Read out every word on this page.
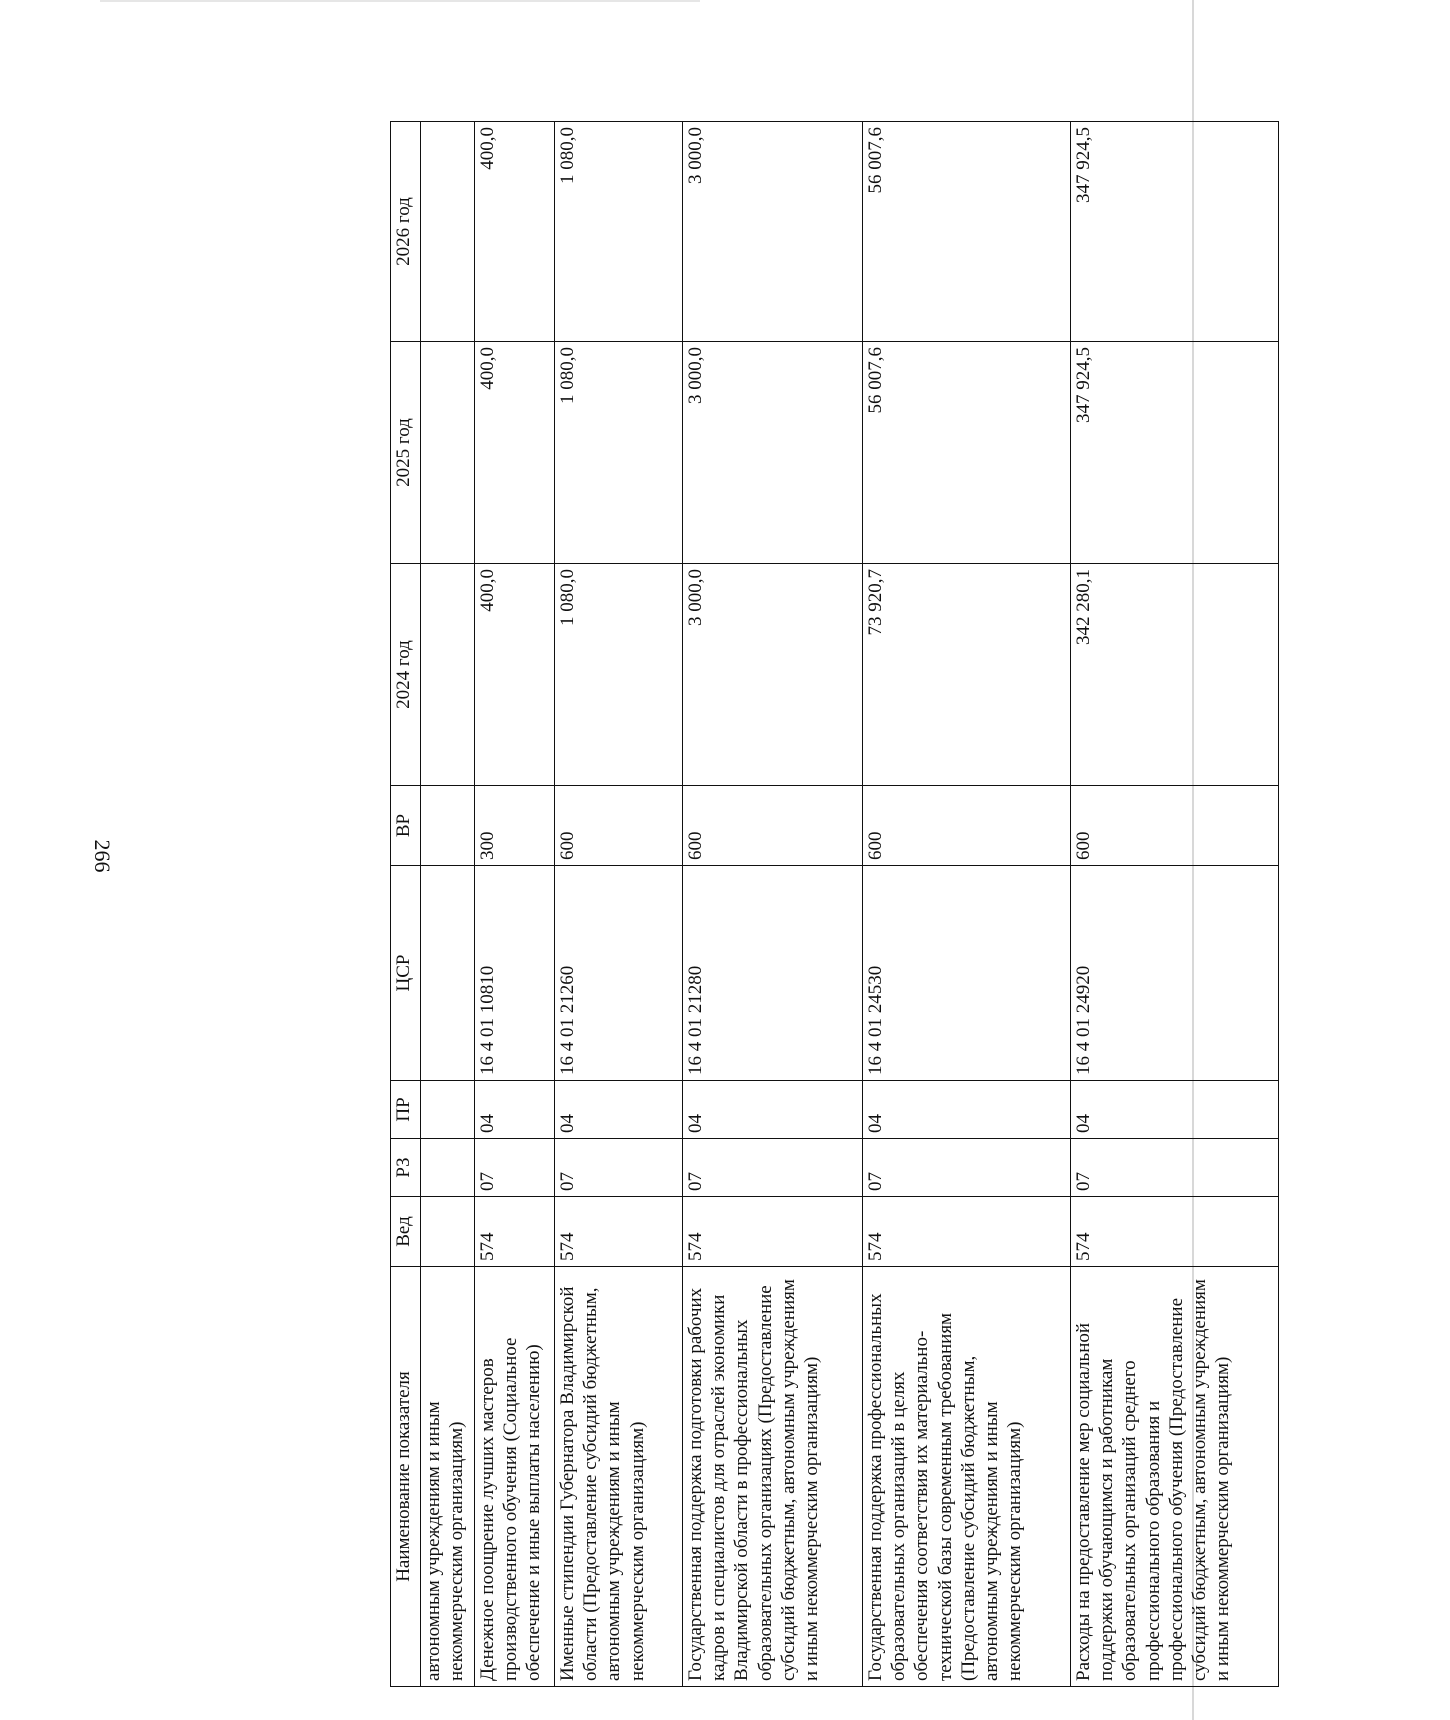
266
Наименование показателя	Вед	РЗ	ПР	ЦСР	ВР	2024 год	2025 год	2026 год
автономным учреждениям и иным некоммерческим организациям)								
Денежное поощрение лучших мастеров производственного обучения (Социальное обеспечение и иные выплаты населению)	574	07	04	16 4 01 10810	300	400,0	400,0	400,0
Именные стипендии Губернатора Владимирской области (Предоставление субсидий бюджетным, автономным учреждениям и иным некоммерческим организациям)	574	07	04	16 4 01 21260	600	1 080,0	1 080,0	1 080,0
Государственная поддержка подготовки рабочих кадров и специалистов для отраслей экономики Владимирской области в профессиональных образовательных организациях (Предоставление субсидий бюджетным, автономным учреждениям и иным некоммерческим организациям)	574	07	04	16 4 01 21280	600	3 000,0	3 000,0	3 000,0
Государственная поддержка профессиональных образовательных организаций в целях обеспечения соответствия их материально-технической базы современным требованиям (Предоставление субсидий бюджетным, автономным учреждениям и иным некоммерческим организациям)	574	07	04	16 4 01 24530	600	73 920,7	56 007,6	56 007,6
Расходы на предоставление мер социальной поддержки обучающимся и работникам образовательных организаций среднего профессионального образования и профессионального обучения (Предоставление субсидий бюджетным, автономным учреждениям и иным некоммерческим организациям)	574	07	04	16 4 01 24920	600	342 280,1	347 924,5	347 924,5
